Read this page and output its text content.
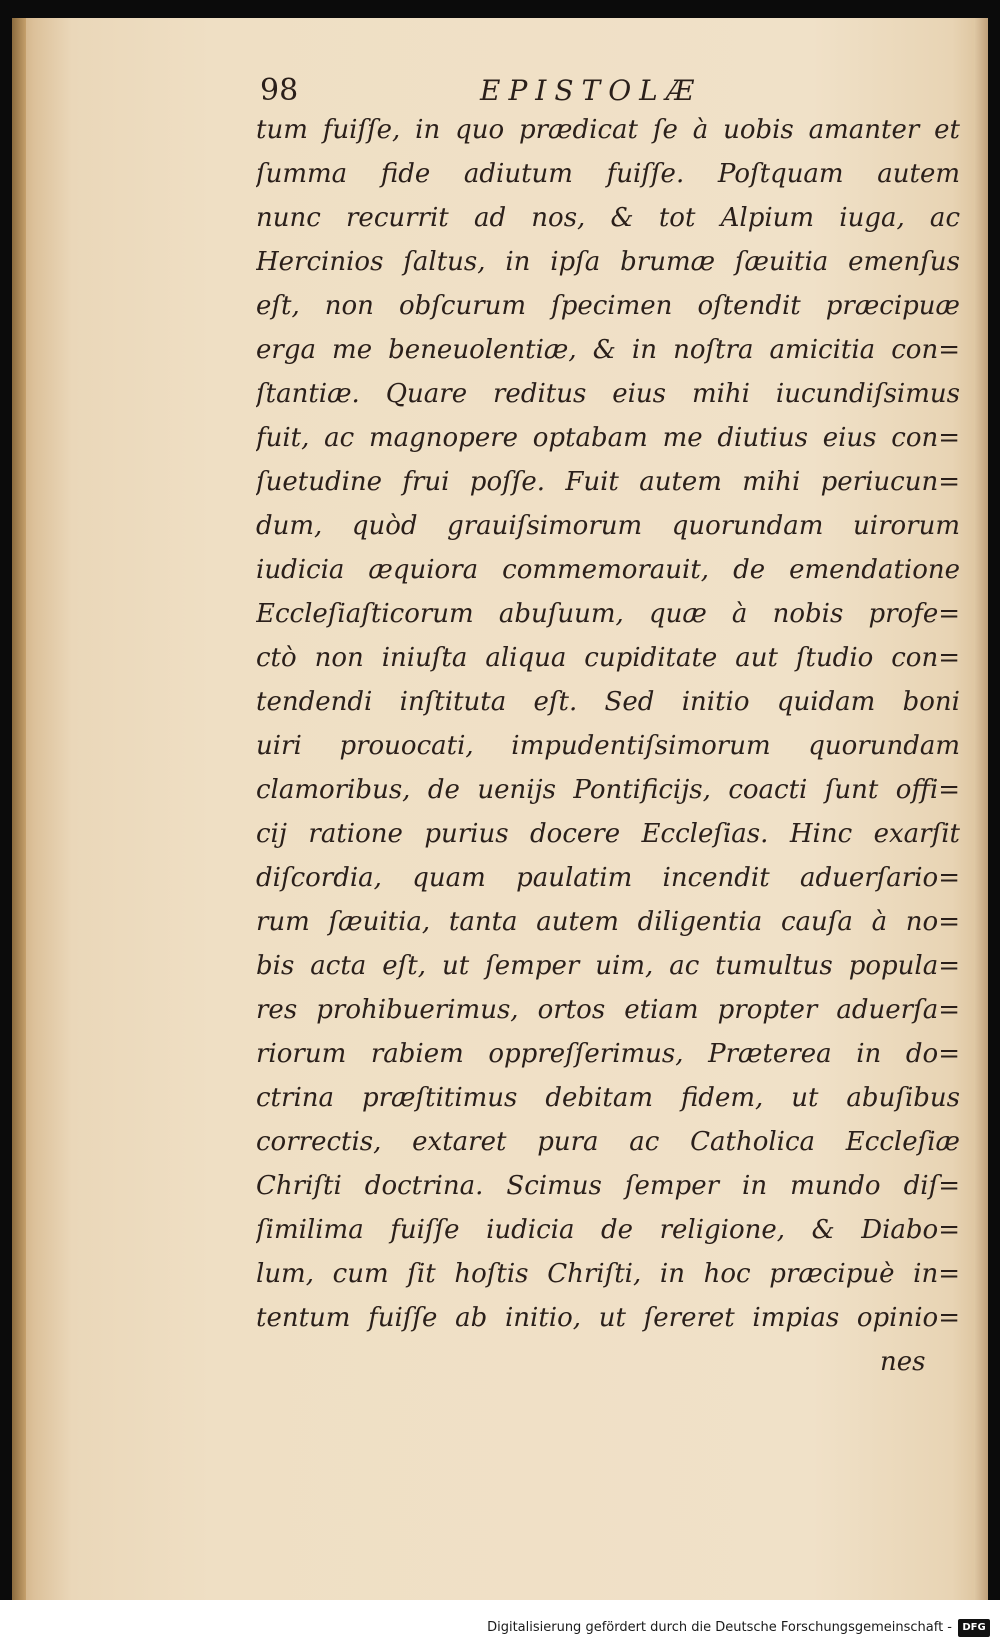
98	EPISTOLÆ
tum fuiſſe, in quo prædicat ſe à uobis amanter et
ſumma fide adiutum fuiſſe. Poſtquam autem
nunc recurrit ad nos, & tot Alpium iuga, ac
Hercinios ſaltus, in ipſa brumæ ſæuitia emenſus
eſt, non obſcurum ſpecimen oſtendit præcipuæ
erga me beneuolentiæ, & in noſtra amicitia con=
ſtantiæ. Quare reditus eius mihi iucundiſsimus
fuit, ac magnopere optabam me diutius eius con=
ſuetudine frui poſſe. Fuit autem mihi periucun=
dum, quòd grauiſsimorum quorundam uirorum
iudicia æquiora commemorauit, de emendatione
Eccleſiaſticorum abuſuum, quæ à nobis profe=
ctò non iniuſta aliqua cupiditate aut ſtudio con=
tendendi inſtituta eſt. Sed initio quidam boni
uiri prouocati, impudentiſsimorum quorundam
clamoribus, de uenijs Pontificijs, coacti ſunt offi=
cij ratione purius docere Eccleſias. Hinc exarſit
diſcordia, quam paulatim incendit aduerſario=
rum ſæuitia, tanta autem diligentia cauſa à no=
bis acta eſt, ut ſemper uim, ac tumultus popula=
res prohibuerimus, ortos etiam propter aduerſa=
riorum rabiem oppreſſerimus, Præterea in do=
ctrina præſtitimus debitam fidem, ut abuſibus
correctis, extaret pura ac Catholica Eccleſiæ
Chriſti doctrina. Scimus ſemper in mundo diſ=
ſimilima fuiſſe iudicia de religione, & Diabo=
lum, cum ſit hoſtis Chriſti, in hoc præcipuè in=
tentum fuiſſe ab initio, ut ſereret impias opinio=
nes
Digitalisierung gefördert durch die Deutsche Forschungsgemeinschaft -	DFG
